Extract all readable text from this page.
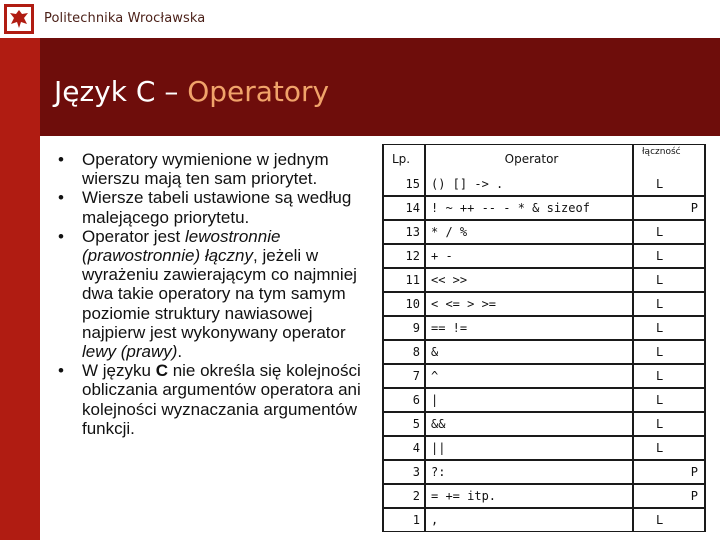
Politechnika Wrocławska
Język C – Operatory
• Operatory wymienione w jednym wierszu mają ten sam priorytet.
• Wiersze tabeli ustawione są według malejącego priorytetu.
• Operator jest lewostronnie (prawostronnie) łączny, jeżeli w wyrażeniu zawierającym co najmniej dwa takie operatory na tym samym poziomie struktury nawiasowej najpierw jest wykonywany operator lewy (prawy).
• W języku C nie określa się kolejności obliczania argumentów operatora ani kolejności wyznaczania argumentów funkcji.
Lp.	Operator	łączność
15 () [] -> .	L
14 ! ~ ++ -- - * & sizeof	P
13 * / %	L
12 + -	L
11 << >>	L
10 < <= > >=	L
9 == !=	L
8 &	L
7 ^	L
6 |	L
5 &&	L
4 ||	L
3 ?:	P
2 = += itp.	P
1 ,	L
